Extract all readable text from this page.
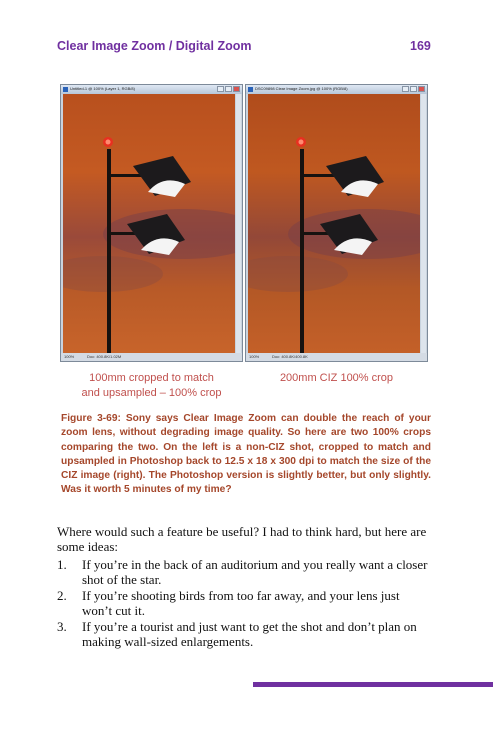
Clear Image Zoom / Digital Zoom	169
Untitled-1 @ 100% (Layer 1, RGB/8)
100%	Doc: 400.8K/1.02M
DSC09898 Clear Image Zoom.jpg @ 100% (RGB/8)
100%	Doc: 400.8K/400.8K
100mm cropped to match
and upsampled – 100% crop
200mm CIZ 100% crop
Figure 3-69: Sony says Clear Image Zoom can double the reach of your zoom lens, without degrading image quality. So here are two 100% crops comparing the two. On the left is a non-CIZ shot, cropped to match and upsampled in Photoshop back to 12.5 x 18 x 300 dpi to match the size of the CIZ image (right). The Photoshop version is slightly better, but only slightly. Was it worth 5 minutes of my time?
Where would such a feature be useful? I had to think hard, but here are some ideas:
1. If you’re in the back of an auditorium and you really want a closer shot of the star.
2. If you’re shooting birds from too far away, and your lens just won’t cut it.
3. If you’re a tourist and just want to get the shot and don’t plan on making wall-sized enlargements.
